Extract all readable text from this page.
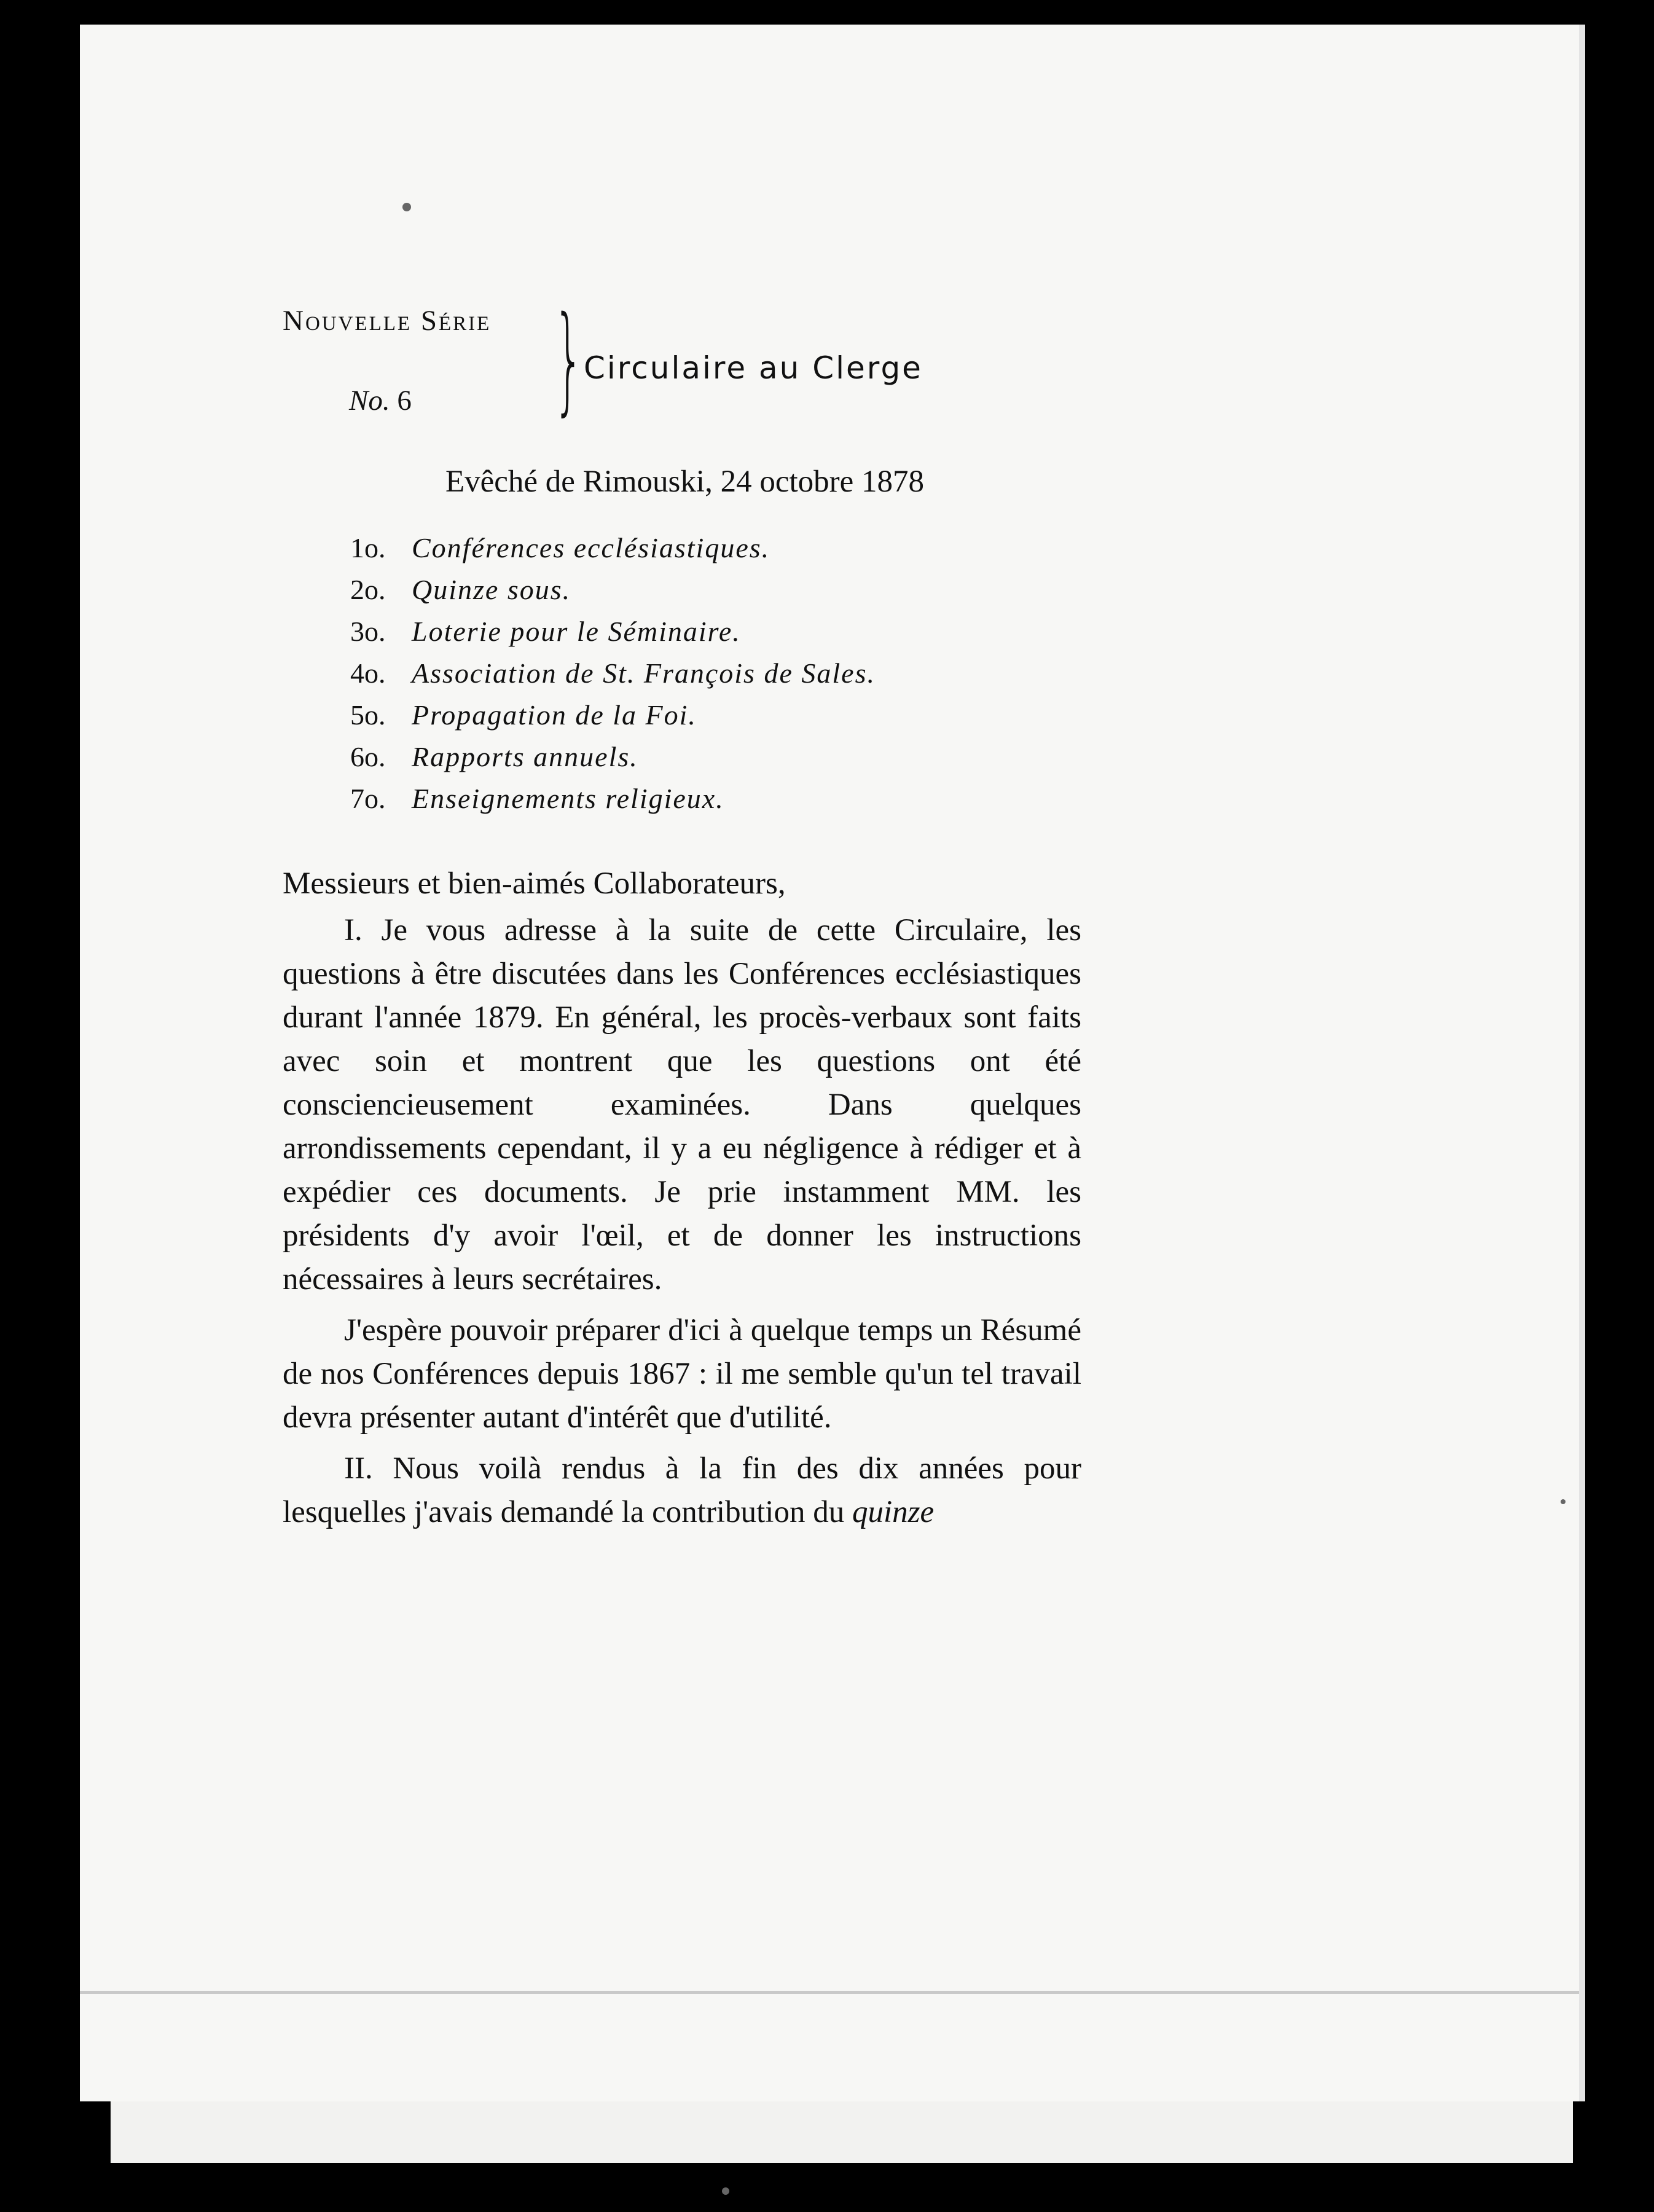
Nouvelle Série
No. 6 } Circulaire au Clerge
Evêché de Rimouski, 24 octobre 1878
1o. Conférences ecclésiastiques.
2o. Quinze sous.
3o. Loterie pour le Séminaire.
4o. Association de St. François de Sales.
5o. Propagation de la Foi.
6o. Rapports annuels.
7o. Enseignements religieux.
Messieurs et bien-aimés Collaborateurs,

I. Je vous adresse à la suite de cette Circulaire, les questions à être discutées dans les Conférences ecclésiastiques durant l'année 1879. En général, les procès-verbaux sont faits avec soin et montrent que les questions ont été consciencieusement examinées. Dans quelques arrondissements cependant, il y a eu négligence à rédiger et à expédier ces documents. Je prie instamment MM. les présidents d'y avoir l'œil, et de donner les instructions nécessaires à leurs secrétaires.

J'espère pouvoir préparer d'ici à quelque temps un Résumé de nos Conférences depuis 1867 : il me semble qu'un tel travail devra présenter autant d'intérêt que d'utilité.

II. Nous voilà rendus à la fin des dix années pour lesquelles j'avais demandé la contribution du quinze
